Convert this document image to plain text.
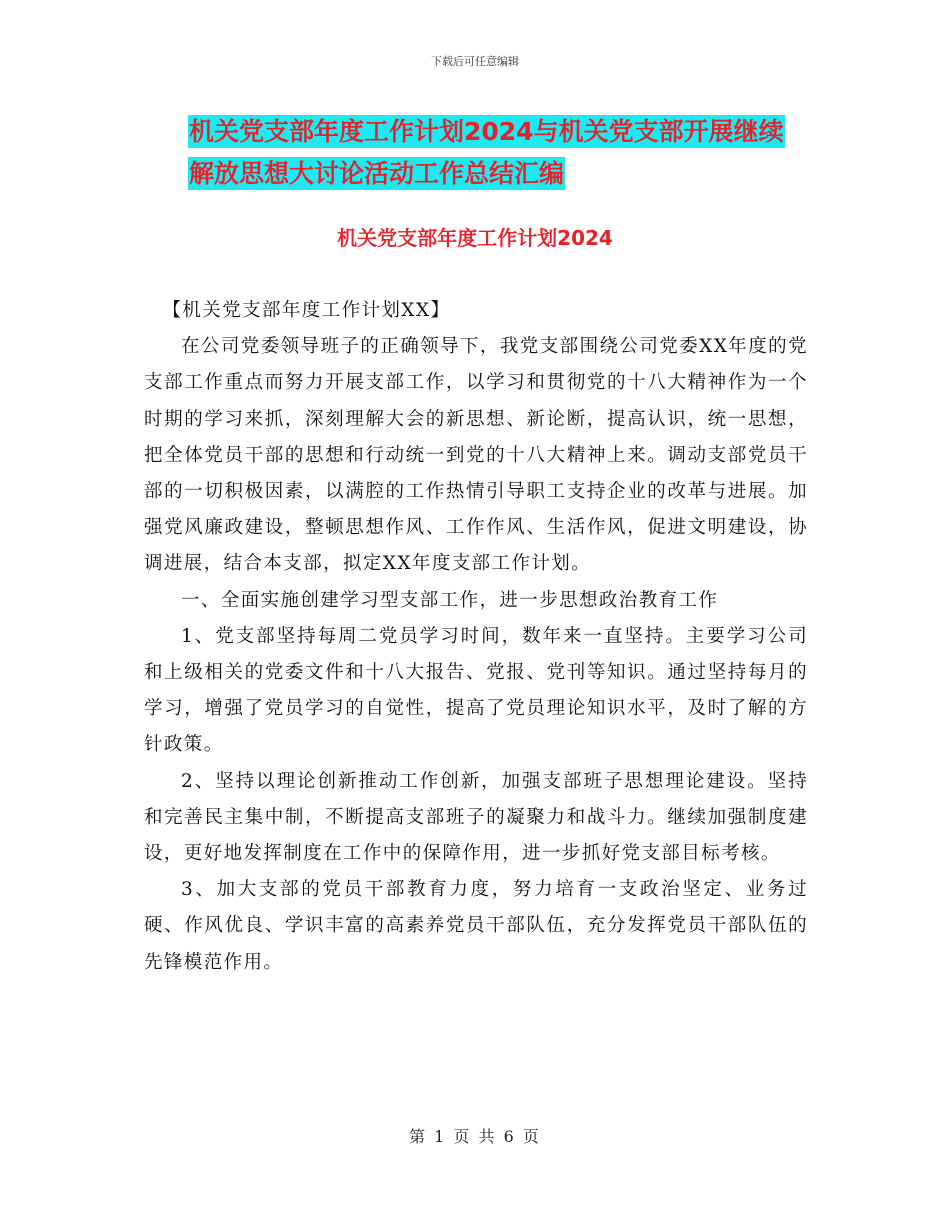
下载后可任意编辑
机关党支部年度工作计划2024与机关党支部开展继续
解放思想大讨论活动工作总结汇编
机关党支部年度工作计划2024

【机关党支部年度工作计划XX】

在公司党委领导班子的正确领导下，我党支部围绕公司党委XX年度的党支部工作重点而努力开展支部工作，以学习和贯彻党的十八大精神作为一个时期的学习来抓，深刻理解大会的新思想、新论断，提高认识，统一思想，把全体党员干部的思想和行动统一到党的十八大精神上来。调动支部党员干部的一切积极因素，以满腔的工作热情引导职工支持企业的改革与进展。加强党风廉政建设，整顿思想作风、工作作风、生活作风，促进文明建设，协调进展，结合本支部，拟定XX年度支部工作计划。

一、全面实施创建学习型支部工作，进一步思想政治教育工作

1、党支部坚持每周二党员学习时间，数年来一直坚持。主要学习公司和上级相关的党委文件和十八大报告、党报、党刊等知识。通过坚持每月的学习，增强了党员学习的自觉性，提高了党员理论知识水平，及时了解的方针政策。

2、坚持以理论创新推动工作创新，加强支部班子思想理论建设。坚持和完善民主集中制，不断提高支部班子的凝聚力和战斗力。继续加强制度建设，更好地发挥制度在工作中的保障作用，进一步抓好党支部目标考核。

3、加大支部的党员干部教育力度，努力培育一支政治坚定、业务过硬、作风优良、学识丰富的高素养党员干部队伍，充分发挥党员干部队伍的先锋模范作用。

第 1 页 共 6 页
